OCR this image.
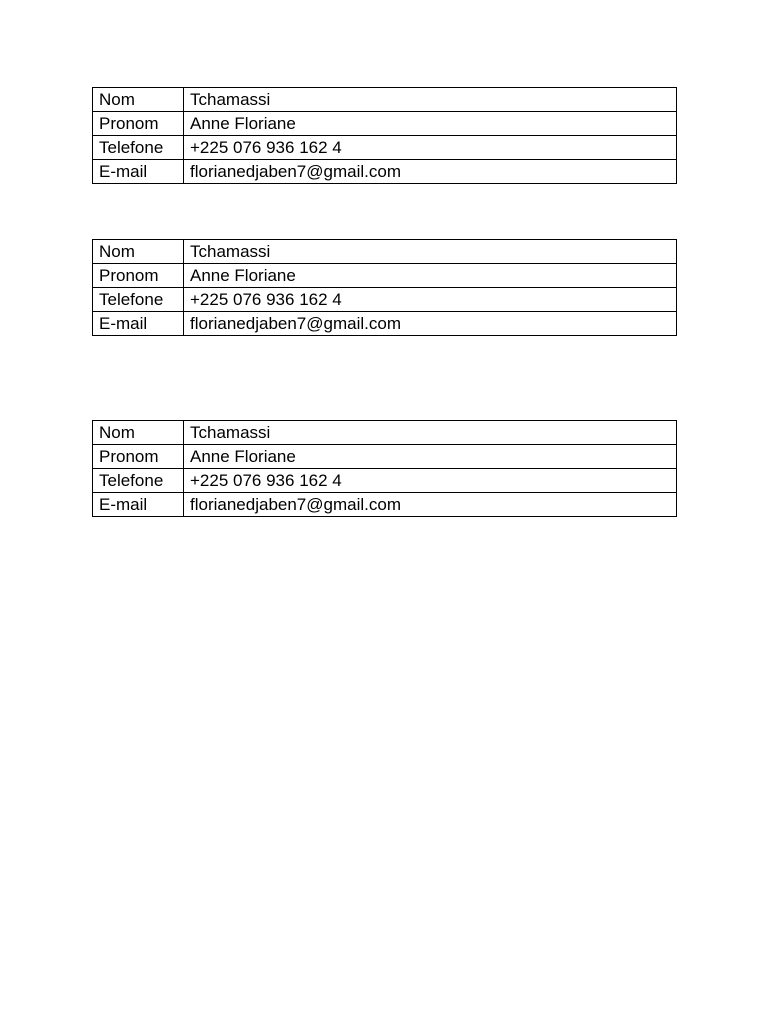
Nom	Tchamassi
Pronom	Anne Floriane
Telefone	+225 076 936 162 4
E-mail	florianedjaben7@gmail.com
Nom	Tchamassi
Pronom	Anne Floriane
Telefone	+225 076 936 162 4
E-mail	florianedjaben7@gmail.com
Nom	Tchamassi
Pronom	Anne Floriane
Telefone	+225 076 936 162 4
E-mail	florianedjaben7@gmail.com
